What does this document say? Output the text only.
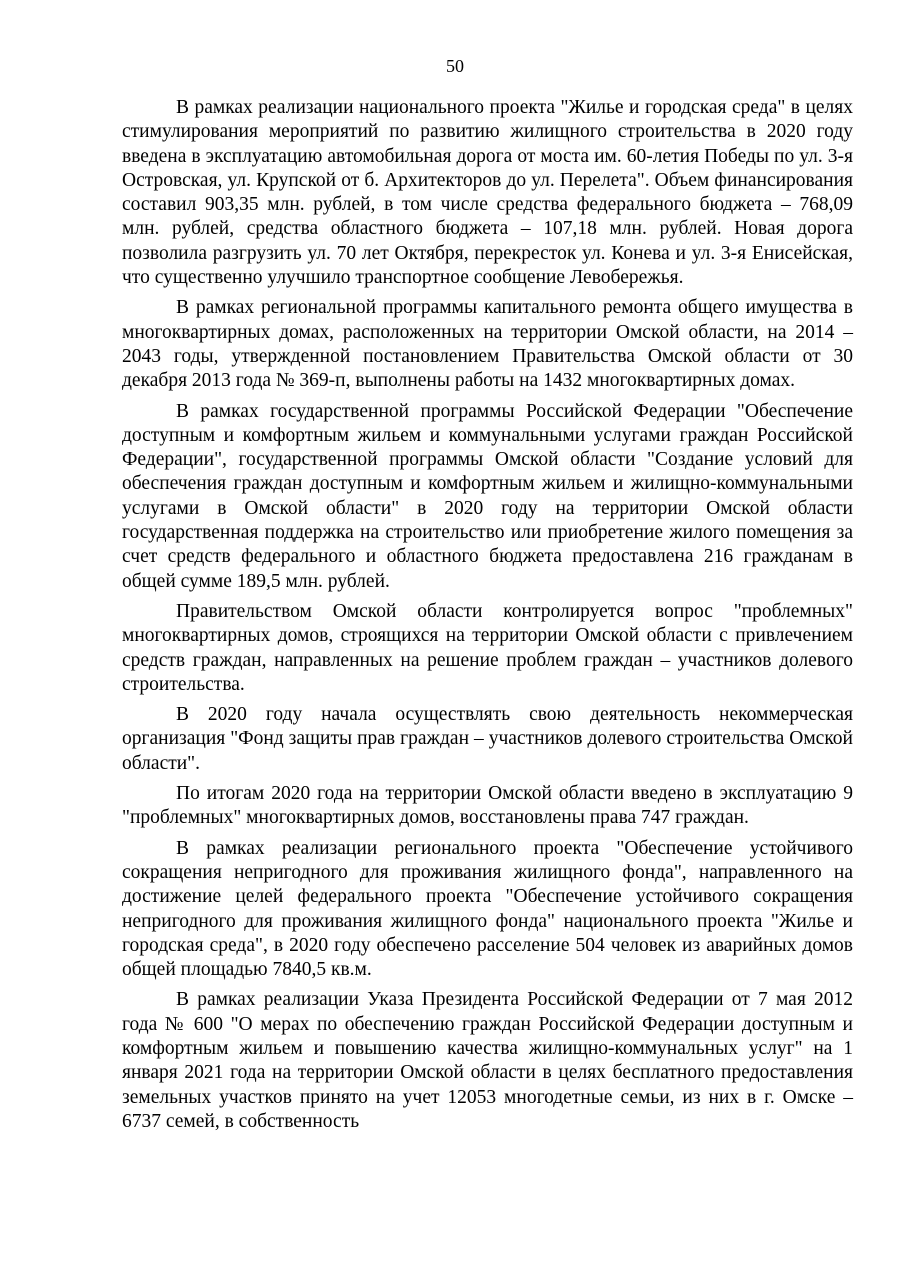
50

В рамках реализации национального проекта "Жилье и городская среда" в целях стимулирования мероприятий по развитию жилищного строительства в 2020 году введена в эксплуатацию автомобильная дорога от моста им. 60-летия Победы по ул. 3-я Островская, ул. Крупской от б. Архитекторов до ул. Перелета". Объем финансирования составил 903,35 млн. рублей, в том числе средства федерального бюджета – 768,09 млн. рублей, средства областного бюджета – 107,18 млн. рублей. Новая дорога позволила разгрузить ул. 70 лет Октября, перекресток ул. Конева и ул. 3-я Енисейская, что существенно улучшило транспортное сообщение Левобережья.

В рамках региональной программы капитального ремонта общего имущества в многоквартирных домах, расположенных на территории Омской области, на 2014 – 2043 годы, утвержденной постановлением Правительства Омской области от 30 декабря 2013 года № 369-п, выполнены работы на 1432 многоквартирных домах.

В рамках государственной программы Российской Федерации "Обеспечение доступным и комфортным жильем и коммунальными услугами граждан Российской Федерации", государственной программы Омской области "Создание условий для обеспечения граждан доступным и комфортным жильем и жилищно-коммунальными услугами в Омской области" в 2020 году на территории Омской области государственная поддержка на строительство или приобретение жилого помещения за счет средств федерального и областного бюджета предоставлена 216 гражданам в общей сумме 189,5 млн. рублей.

Правительством Омской области контролируется вопрос "проблемных" многоквартирных домов, строящихся на территории Омской области с привлечением средств граждан, направленных на решение проблем граждан – участников долевого строительства.

В 2020 году начала осуществлять свою деятельность некоммерческая организация "Фонд защиты прав граждан – участников долевого строительства Омской области".

По итогам 2020 года на территории Омской области введено в эксплуатацию 9 "проблемных" многоквартирных домов, восстановлены права 747 граждан.

В рамках реализации регионального проекта "Обеспечение устойчивого сокращения непригодного для проживания жилищного фонда", направленного на достижение целей федерального проекта "Обеспечение устойчивого сокращения непригодного для проживания жилищного фонда" национального проекта "Жилье и городская среда", в 2020 году обеспечено расселение 504 человек из аварийных домов общей площадью 7840,5 кв.м.

В рамках реализации Указа Президента Российской Федерации от 7 мая 2012 года № 600 "О мерах по обеспечению граждан Российской Федерации доступным и комфортным жильем и повышению качества жилищно-коммунальных услуг" на 1 января 2021 года на территории Омской области в целях бесплатного предоставления земельных участков принято на учет 12053 многодетные семьи, из них в г. Омске – 6737 семей, в собственность
